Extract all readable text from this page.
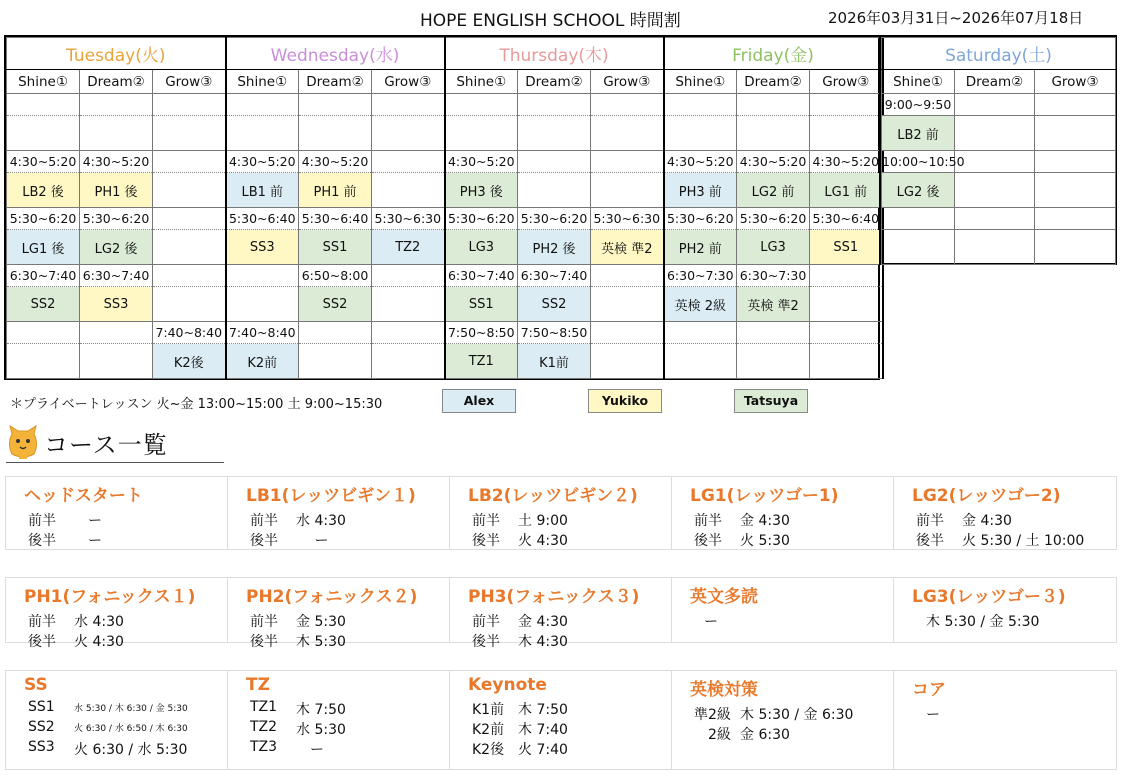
HOPE ENGLISH SCHOOL 時間割	2026年03月31日~2026年07月18日
Tuesday(火)			Wednesday(水)			Thursday(木)			Friday(金)		
Shine①	Dream②	Grow③	Shine①	Dream②	Grow③	Shine①	Dream②	Grow③	Shine①	Dream②	Grow③

4:30~5:20	4:30~5:20		4:30~5:20	4:30~5:20		4:30~5:20			4:30~5:20	4:30~5:20	4:30~5:20
LB2 後	PH1 後		LB1 前	PH1 前		PH3 後			PH3 前	LG2 前	LG1 前
5:30~6:20	5:30~6:20		5:30~6:40	5:30~6:40	5:30~6:30	5:30~6:20	5:30~6:20	5:30~6:30	5:30~6:20	5:30~6:20	5:30~6:40
LG1 後	LG2 後		SS3	SS1	TZ2	LG3	PH2 後	英検 準2	PH2 前	LG3	SS1
6:30~7:40	6:30~7:40			6:50~8:00		6:30~7:40	6:30~7:40		6:30~7:30	6:30~7:30	
SS2	SS3			SS2		SS1	SS2		英検 2級	英検 準2	
		7:40~8:40	7:40~8:40			7:50~8:50	7:50~8:50				
		K2後	K2前			TZ1	K1前				
Saturday(土)		
Shine①	Dream②	Grow③
9:00~9:50		
LB2 前		
10:00~10:50		
LG2 後		

＊プライベートレッスン 火~金 13:00~15:00 土 9:00~15:30	Alex	Yukiko	Tatsuya
コース一覧
ヘッドスタート
前半	　ー
後半	　ー
LB1(レッツビギン１)
前半	水 4:30
後半	　 ー
LB2(レッツビギン２)
前半	土 9:00
後半	火 4:30
LG1(レッツゴー1)
前半	金 4:30
後半	火 5:30
LG2(レッツゴー2)
前半	金 4:30
後半	火 5:30 / 土 10:00
PH1(フォニックス１)
前半	水 4:30
後半	火 4:30
PH2(フォニックス２)
前半	金 5:30
後半	木 5:30
PH3(フォニックス３)
前半	金 4:30
後半	木 4:30
英文多読
ー
LG3(レッツゴー３)
木 5:30 / 金 5:30
SS
SS1	水 5:30 / 木 6:30 / 金 5:30
SS2	火 6:30 / 水 6:50 / 木 6:30
SS3	火 6:30 / 水 5:30
TZ
TZ1	木 7:50
TZ2	水 5:30
TZ3	　ー
Keynote
K1前 木 7:50
K2前 木 7:40
K2後 火 7:40
英検対策
準2級 木 5:30 / 金 6:30
　2級 金 6:30
コア
ー
